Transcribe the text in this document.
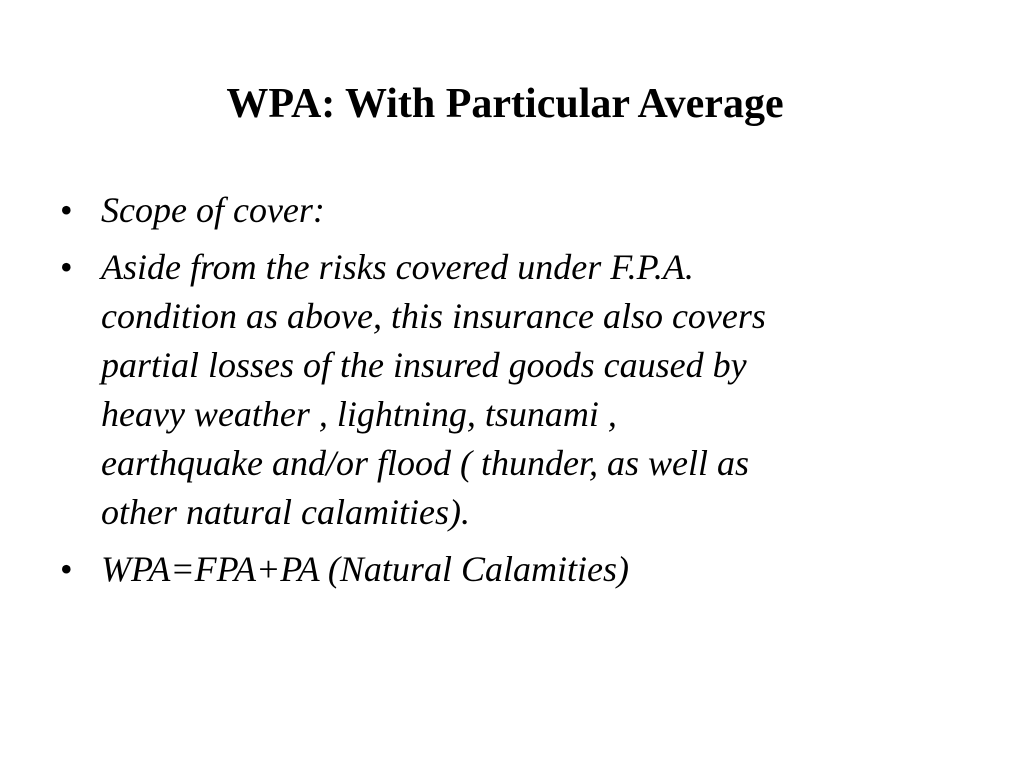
WPA: With Particular Average
• Scope of cover:
• Aside from the risks covered under F.P.A.
condition as above, this insurance also covers
partial losses of the insured goods caused by
heavy weather , lightning, tsunami ,
earthquake and/or flood ( thunder, as well as
other natural calamities).
• WPA=FPA+PA (Natural Calamities)
